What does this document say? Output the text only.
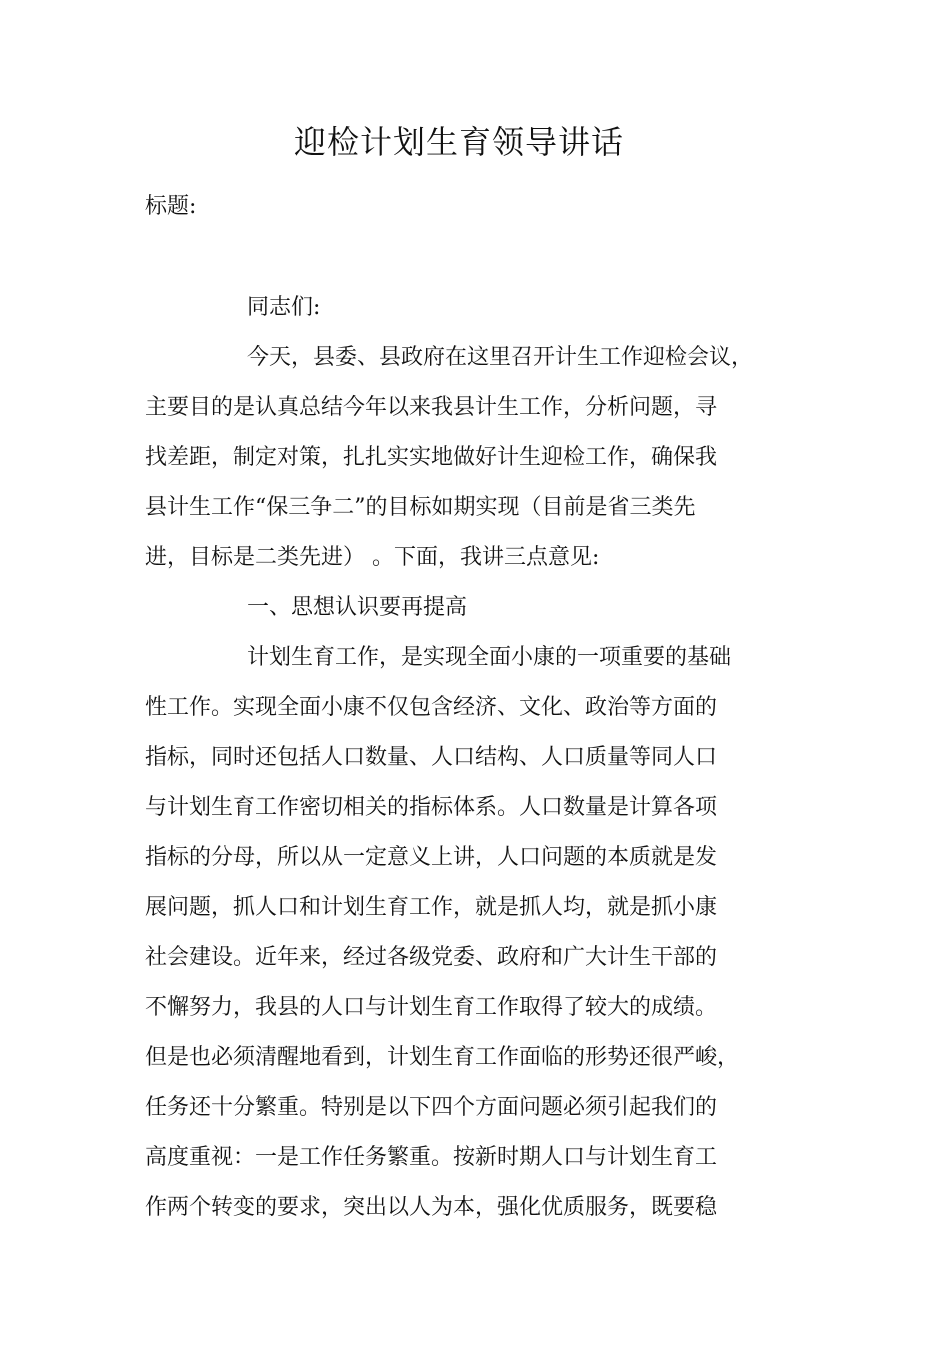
迎检计划生育领导讲话

标题:

同志们:

今天，县委、县政府在这里召开计生工作迎检会议，

主要目的是认真总结今年以来我县计生工作，分析问题，寻

找差距，制定对策，扎扎实实地做好计生迎检工作，确保我

县计生工作“保三争二”的目标如期实现（目前是省三类先

进，目标是二类先进） 。下面，我讲三点意见:

一、思想认识要再提高

计划生育工作，是实现全面小康的一项重要的基础

性工作。实现全面小康不仅包含经济、文化、政治等方面的

指标，同时还包括人口数量、人口结构、人口质量等同人口

与计划生育工作密切相关的指标体系。人口数量是计算各项

指标的分母，所以从一定意义上讲，人口问题的本质就是发

展问题，抓人口和计划生育工作，就是抓人均，就是抓小康

社会建设。近年来，经过各级党委、政府和广大计生干部的

不懈努力，我县的人口与计划生育工作取得了较大的成绩。

但是也必须清醒地看到，计划生育工作面临的形势还很严峻，

任务还十分繁重。特别是以下四个方面问题必须引起我们的

高度重视：一是工作任务繁重。按新时期人口与计划生育工

作两个转变的要求，突出以人为本，强化优质服务，既要稳
